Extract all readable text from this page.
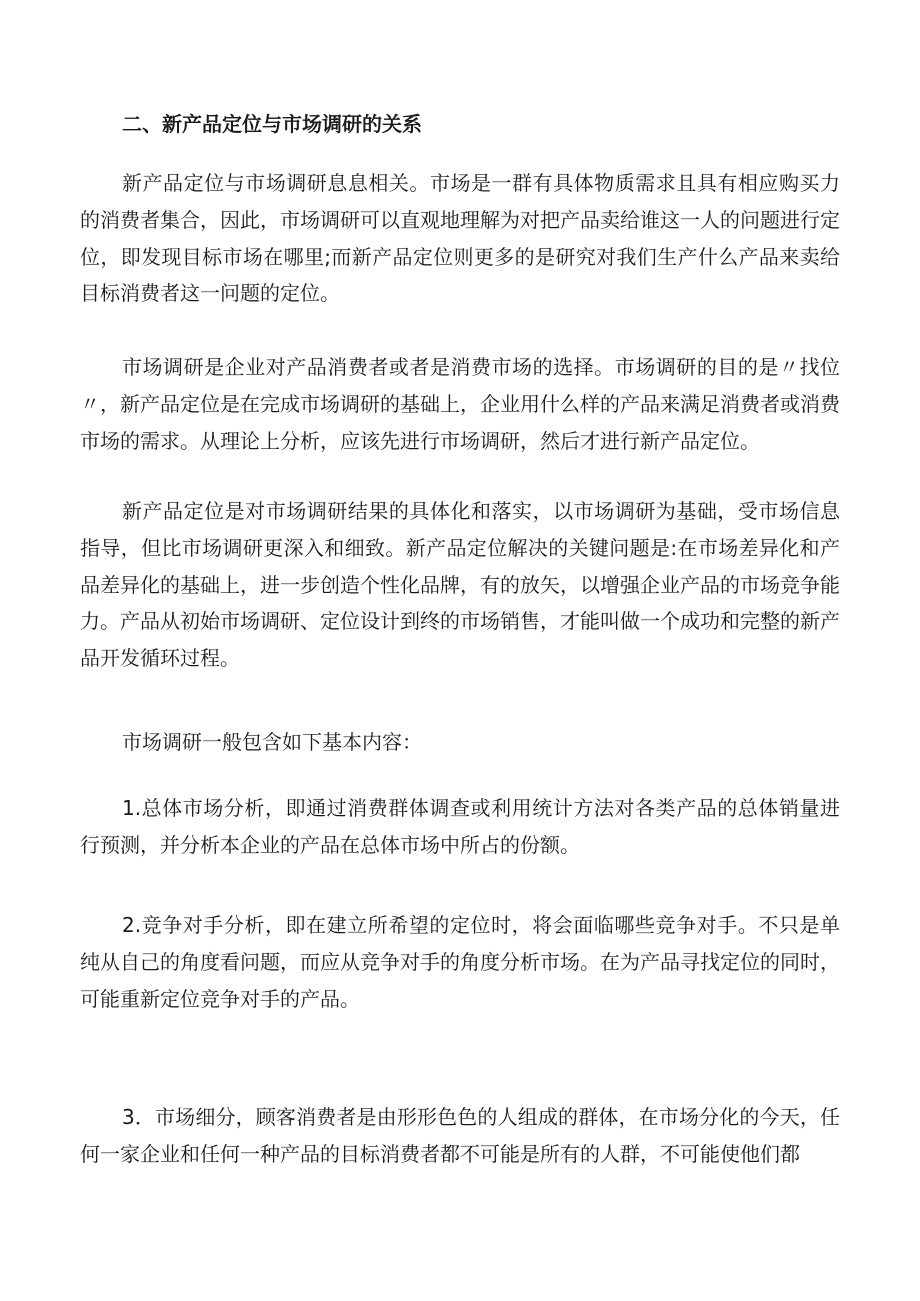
二、新产品定位与市场调研的关系

新产品定位与市场调研息息相关。市场是一群有具体物质需求且具有相应购买力的消费者集合，因此，市场调研可以直观地理解为对把产品卖给谁这一人的问题进行定位，即发现目标市场在哪里;而新产品定位则更多的是研究对我们生产什么产品来卖给目标消费者这一问题的定位。

市场调研是企业对产品消费者或者是消费市场的选择。市场调研的目的是〃找位〃，新产品定位是在完成市场调研的基础上，企业用什么样的产品来满足消费者或消费市场的需求。从理论上分析，应该先进行市场调研，然后才进行新产品定位。

新产品定位是对市场调研结果的具体化和落实，以市场调研为基础，受市场信息指导，但比市场调研更深入和细致。新产品定位解决的关键问题是:在市场差异化和产品差异化的基础上，进一步创造个性化品牌，有的放矢，以增强企业产品的市场竞争能力。产品从初始市场调研、定位设计到终的市场销售，才能叫做一个成功和完整的新产品开发循环过程。

市场调研一般包含如下基本内容：

1.总体市场分析，即通过消费群体调查或利用统计方法对各类产品的总体销量进行预测，并分析本企业的产品在总体市场中所占的份额。

2.竞争对手分析，即在建立所希望的定位时，将会面临哪些竞争对手。不只是单纯从自己的角度看问题，而应从竞争对手的角度分析市场。在为产品寻找定位的同时，可能重新定位竞争对手的产品。

3．市场细分，顾客消费者是由形形色色的人组成的群体，在市场分化的今天，任何一家企业和任何一种产品的目标消费者都不可能是所有的人群，不可能使他们都
